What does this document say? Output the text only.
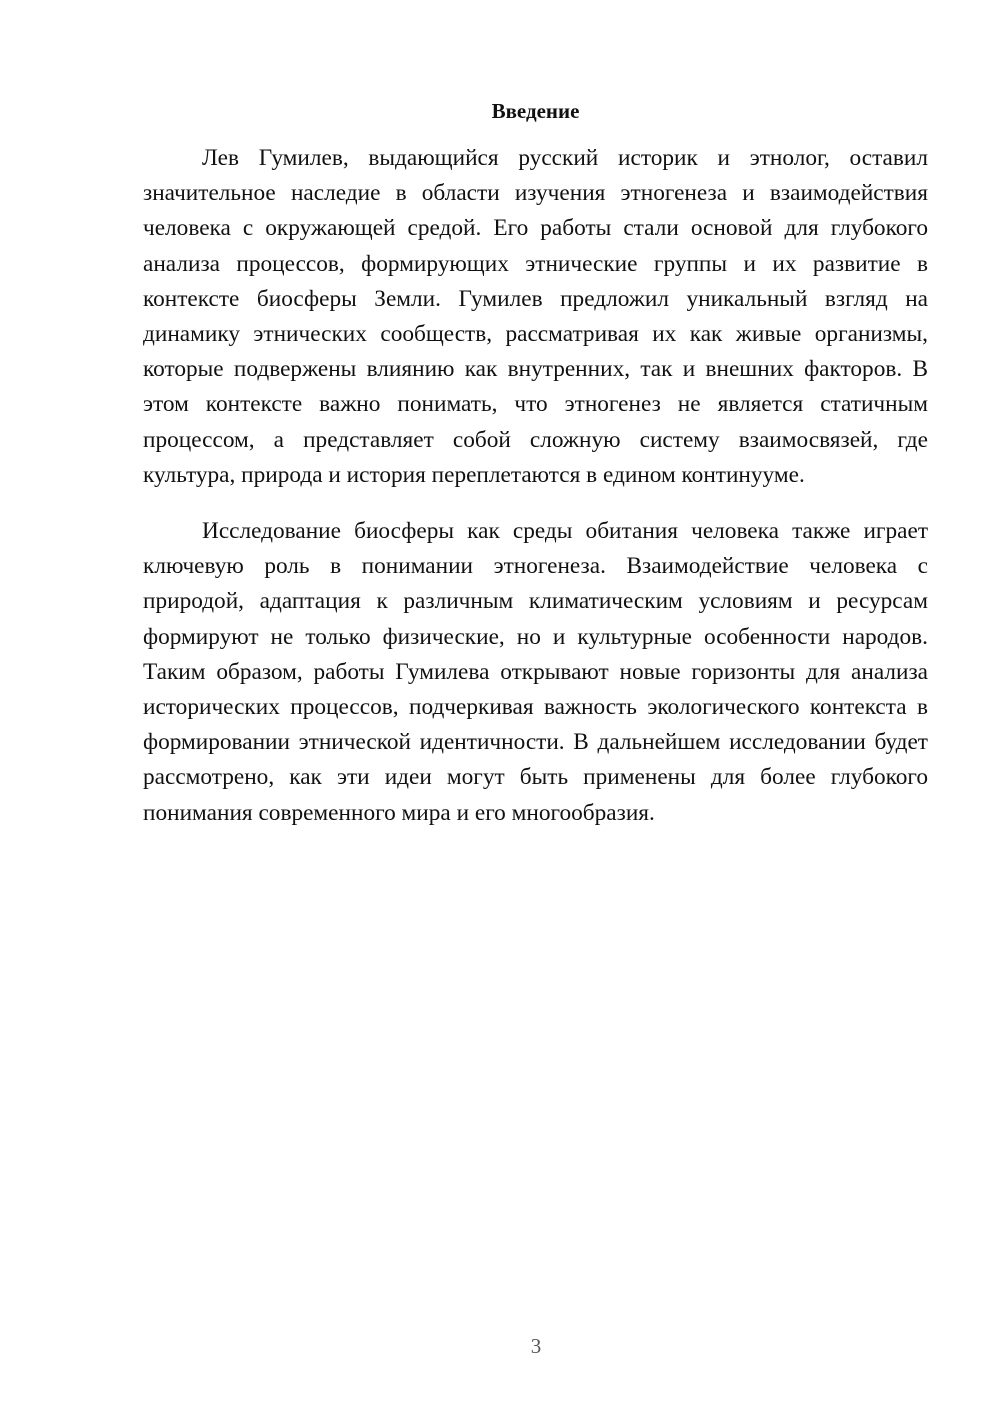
Введение

Лев Гумилев, выдающийся русский историк и этнолог, оставил значительное наследие в области изучения этногенеза и взаимодействия человека с окружающей средой. Его работы стали основой для глубокого анализа процессов, формирующих этнические группы и их развитие в контексте биосферы Земли. Гумилев предложил уникальный взгляд на динамику этнических сообществ, рассматривая их как живые организмы, которые подвержены влиянию как внутренних, так и внешних факторов. В этом контексте важно понимать, что этногенез не является статичным процессом, а представляет собой сложную систему взаимосвязей, где культура, природа и история переплетаются в едином континууме.

Исследование биосферы как среды обитания человека также играет ключевую роль в понимании этногенеза. Взаимодействие человека с природой, адаптация к различным климатическим условиям и ресурсам формируют не только физические, но и культурные особенности народов. Таким образом, работы Гумилева открывают новые горизонты для анализа исторических процессов, подчеркивая важность экологического контекста в формировании этнической идентичности. В дальнейшем исследовании будет рассмотрено, как эти идеи могут быть применены для более глубокого понимания современного мира и его многообразия.

3
